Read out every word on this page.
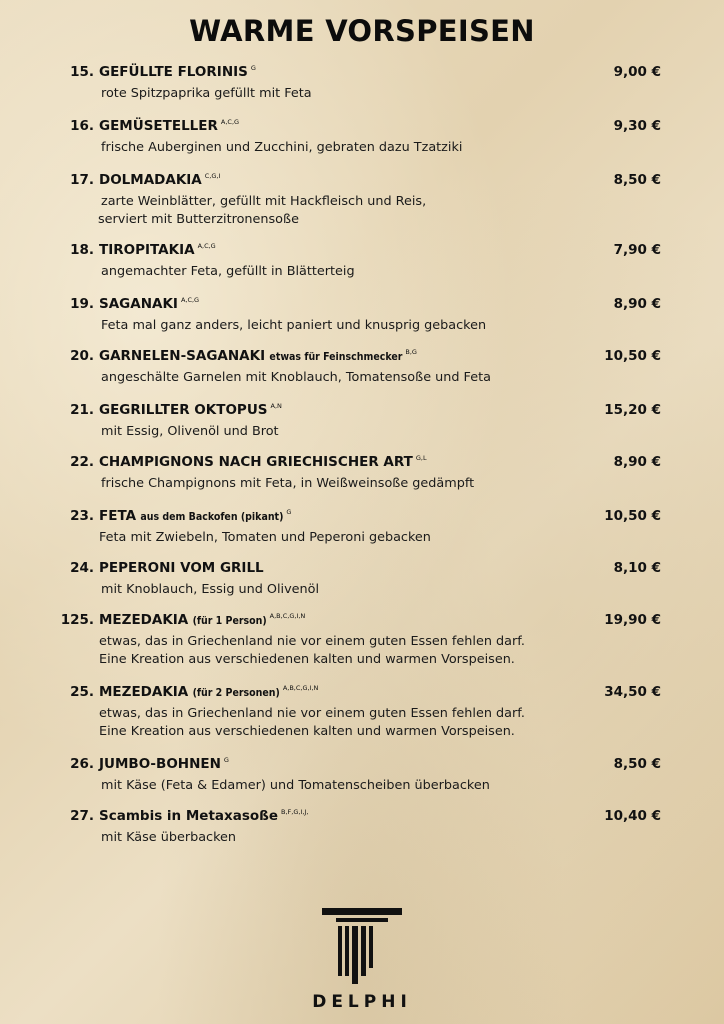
WARME VORSPEISEN
15. GEFÜLLTE FLORINIS $^G$	9,00 €
rote Spitzpaprika gefüllt mit Feta
16. GEMÜSETELLER $^{A,C,G}$	9,30 €
frische Auberginen und Zucchini, gebraten dazu Tzatziki
17. DOLMADAKIA $^{C,G,I}$	8,50 €
zarte Weinblätter, gefüllt mit Hackfleisch und Reis,
serviert mit Butterzitronensoße
18. TIROPITAKIA $^{A,C,G}$	7,90 €
angemachter Feta, gefüllt in Blätterteig
19. SAGANAKI $^{A,C,G}$	8,90 €
Feta mal ganz anders, leicht paniert und knusprig gebacken
20. GARNELEN-SAGANAKI etwas für Feinschmecker $^{B,G}$	10,50 €
angeschälte Garnelen mit Knoblauch, Tomatensoße und Feta
21. GEGRILLTER OKTOPUS $^{A,N}$	15,20 €
mit Essig, Olivenöl und Brot
22. CHAMPIGNONS NACH GRIECHISCHER ART $^{G,L}$	8,90 €
frische Champignons mit Feta, in Weißweinsoße gedämpft
23. FETA aus dem Backofen (pikant) $^G$	10,50 €
Feta mit Zwiebeln, Tomaten und Peperoni gebacken
24. PEPERONI VOM GRILL	8,10 €
mit Knoblauch, Essig und Olivenöl
125. MEZEDAKIA (für 1 Person) $^{A,B,C,G,I,N}$	19,90 €
etwas, das in Griechenland nie vor einem guten Essen fehlen darf.
Eine Kreation aus verschiedenen kalten und warmen Vorspeisen.
25. MEZEDAKIA (für 2 Personen) $^{A,B,C,G,I,N}$	34,50 €
etwas, das in Griechenland nie vor einem guten Essen fehlen darf.
Eine Kreation aus verschiedenen kalten und warmen Vorspeisen.
26. JUMBO-BOHNEN $^G$	8,50 €
mit Käse (Feta & Edamer) und Tomatenscheiben überbacken
27. Scambis in Metaxasoße $^{B,F,G,I,J,}$	10,40 €
mit Käse überbacken
DELPHI
